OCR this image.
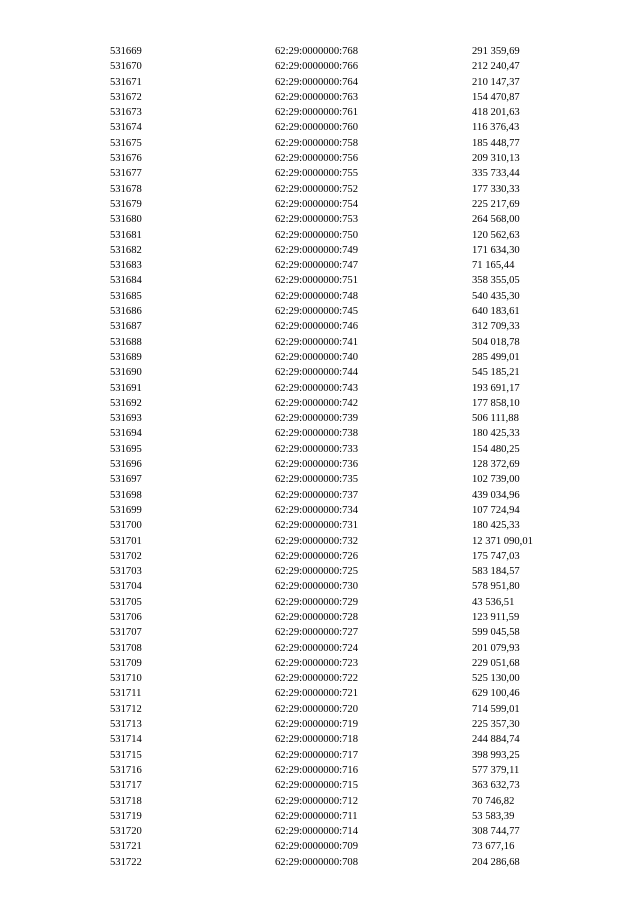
531669	62:29:0000000:768	291 359,69
531670	62:29:0000000:766	212 240,47
531671	62:29:0000000:764	210 147,37
531672	62:29:0000000:763	154 470,87
531673	62:29:0000000:761	418 201,63
531674	62:29:0000000:760	116 376,43
531675	62:29:0000000:758	185 448,77
531676	62:29:0000000:756	209 310,13
531677	62:29:0000000:755	335 733,44
531678	62:29:0000000:752	177 330,33
531679	62:29:0000000:754	225 217,69
531680	62:29:0000000:753	264 568,00
531681	62:29:0000000:750	120 562,63
531682	62:29:0000000:749	171 634,30
531683	62:29:0000000:747	71 165,44
531684	62:29:0000000:751	358 355,05
531685	62:29:0000000:748	540 435,30
531686	62:29:0000000:745	640 183,61
531687	62:29:0000000:746	312 709,33
531688	62:29:0000000:741	504 018,78
531689	62:29:0000000:740	285 499,01
531690	62:29:0000000:744	545 185,21
531691	62:29:0000000:743	193 691,17
531692	62:29:0000000:742	177 858,10
531693	62:29:0000000:739	506 111,88
531694	62:29:0000000:738	180 425,33
531695	62:29:0000000:733	154 480,25
531696	62:29:0000000:736	128 372,69
531697	62:29:0000000:735	102 739,00
531698	62:29:0000000:737	439 034,96
531699	62:29:0000000:734	107 724,94
531700	62:29:0000000:731	180 425,33
531701	62:29:0000000:732	12 371 090,01
531702	62:29:0000000:726	175 747,03
531703	62:29:0000000:725	583 184,57
531704	62:29:0000000:730	578 951,80
531705	62:29:0000000:729	43 536,51
531706	62:29:0000000:728	123 911,59
531707	62:29:0000000:727	599 045,58
531708	62:29:0000000:724	201 079,93
531709	62:29:0000000:723	229 051,68
531710	62:29:0000000:722	525 130,00
531711	62:29:0000000:721	629 100,46
531712	62:29:0000000:720	714 599,01
531713	62:29:0000000:719	225 357,30
531714	62:29:0000000:718	244 884,74
531715	62:29:0000000:717	398 993,25
531716	62:29:0000000:716	577 379,11
531717	62:29:0000000:715	363 632,73
531718	62:29:0000000:712	70 746,82
531719	62:29:0000000:711	53 583,39
531720	62:29:0000000:714	308 744,77
531721	62:29:0000000:709	73 677,16
531722	62:29:0000000:708	204 286,68
